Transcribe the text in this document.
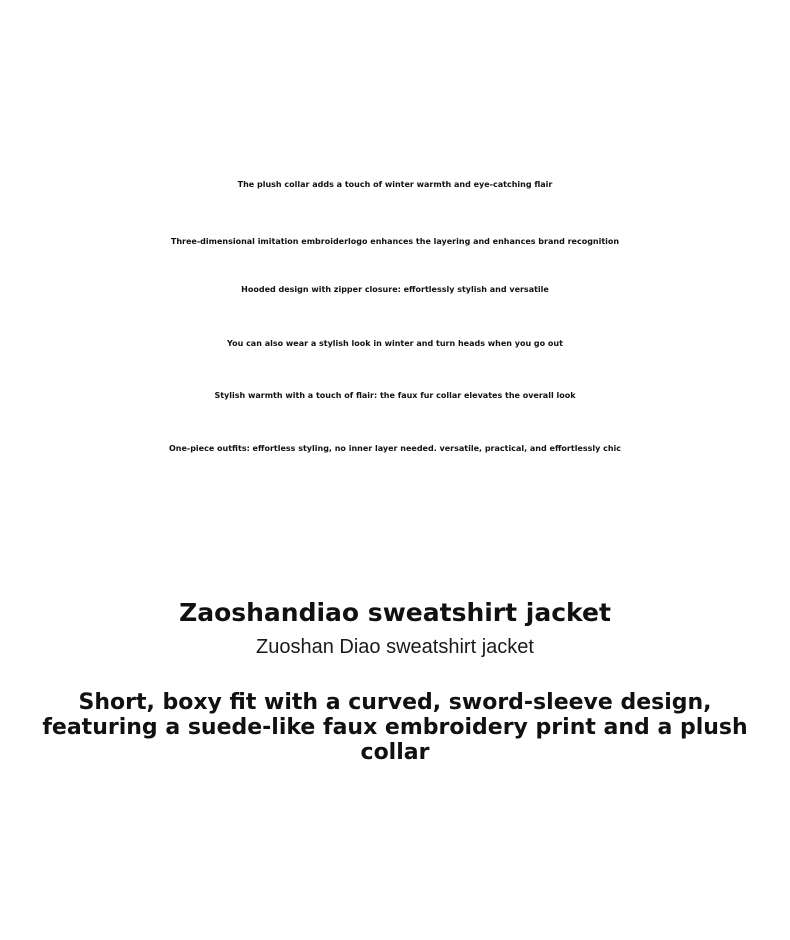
The plush collar adds a touch of winter warmth and eye-catching flair
Three-dimensional imitation embroiderlogo enhances the layering and enhances brand recognition
Hooded design with zipper closure: effortlessly stylish and versatile
You can also wear a stylish look in winter and turn heads when you go out
Stylish warmth with a touch of flair: the faux fur collar elevates the overall look
One-piece outfits: effortless styling, no inner layer needed. versatile, practical, and effortlessly chic
Zaoshandiao sweatshirt jacket
Zuoshan Diao sweatshirt jacket
Short, boxy fit with a curved, sword-sleeve design, featuring a suede-like faux embroidery print and a plush collar
